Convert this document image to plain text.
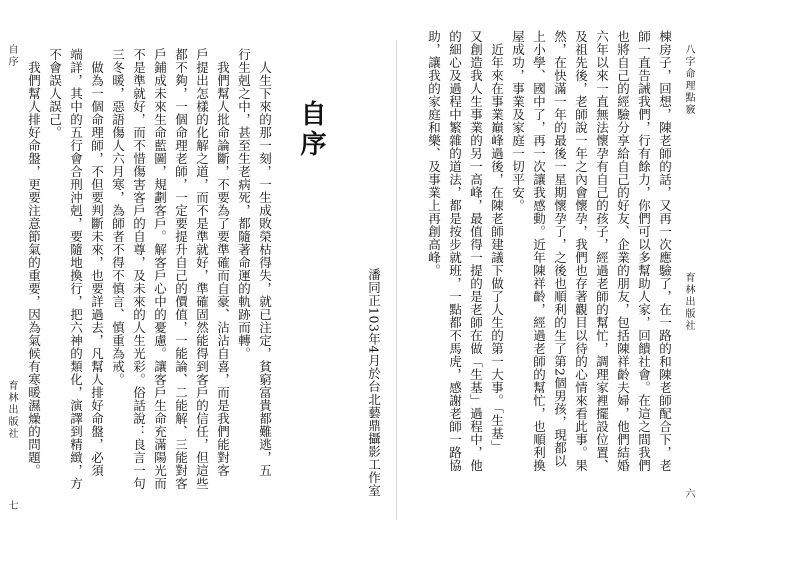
八字命理點竅
育林出版社
六
棟房子，回想，陳老師的話，又再一次應驗了，在一路的和陳老師配合下，老
師一直告誡我們，行有餘力，你們可以多幫助人家，回饋社會。在這之間我們
也將自己的經驗分享給自己的好友、企業的朋友，包括陳祥齡夫婦，他們結婚
六年以來一直無法懷孕有自己的孩子，經過老師的幫忙，調理家裡擺設位置、
及祖先後，老師說一年之內會懷孕，我們也存著觀目以待的心情來看此事。果
然，在快滿一年的最後一星期懷孕了，之後也順利的生了第2個男孩，現都以
上小學、國中了，再一次讓我感動。近年陳祥齡，經過老師的幫忙，也順利換
屋成功，事業及家庭一切平安。
　近年來在事業巔峰過後，在陳老師建議下做了人生的第一大事。「生基」
又創造我人生事業的另一高峰，最值得一提的是老師在做「生基」過程中，他
的細心及過程中繁雜的道法，都是按步就班，一點都不馬虎，感謝老師一路協
助，讓我的家庭和樂、及事業上再創高峰。
潘同正103年4月於台北藝鼎攝影工作室
自序
　人生下來的那一刻，一生成敗榮枯得失，就已注定，貧窮富貴都難逃，五
行生剋之中，甚至生老病死，都隨著命運的軌跡而轉。
　我們幫人批命論斷，不要為了要準確而自豪、沾沾自喜，而是我們能對客
戶提出怎樣的化解之道，而不是準就好，準確固然能得到客戶的信任，但這些
都不夠，一個命理老師，一定要提升自己的價值，一能論、二能解、三能對客
戶鋪成未來生命藍圖，規劃客戶。解客戶心中的憂慮。讓客戶生命充滿陽光而
不是準就好，而不惜傷害客戶的自尊，及未來的人生光彩。俗話說：良言一句
三冬暖，惡語傷人六月寒，為師者不得不慎言、慎重為戒。
　做為一個命理師，不但要判斷未來，也要詳過去，凡幫人排好命盤，必須
端詳，其中的五行會合刑沖剋，要隨地換行，把六神的類化，演譯到精緻，方
不會誤人誤己。
　我們幫人排好命盤，更要注意節氣的重要，因為氣候有寒暖濕燥的問題。
自序
育林出版社
七
